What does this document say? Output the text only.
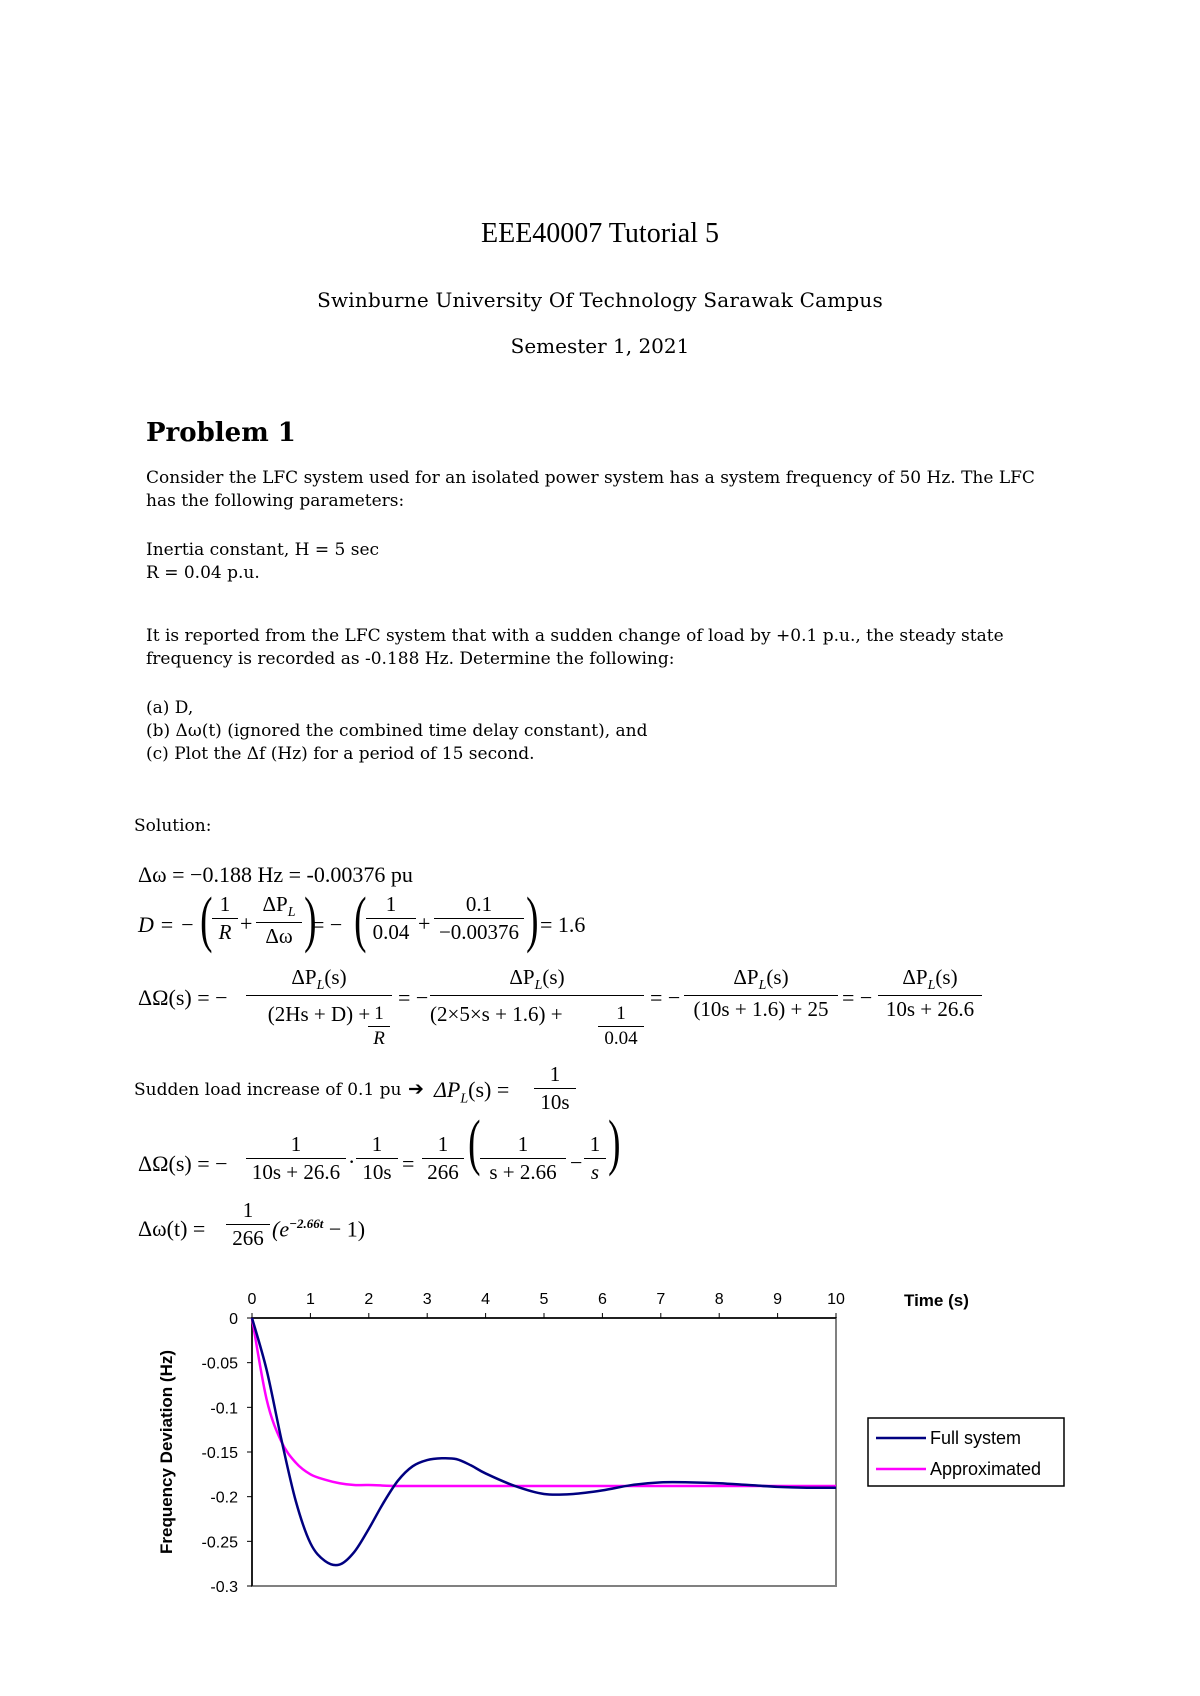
EEE40007 Tutorial 5
Swinburne University Of Technology Sarawak Campus
Semester 1, 2021
Problem 1
Consider the LFC system used for an isolated power system has a system frequency of 50 Hz. The LFC
has the following parameters:
Inertia constant, H = 5 sec
R = 0.04 p.u.
It is reported from the LFC system that with a sudden change of load by +0.1 p.u., the steady state
frequency is recorded as -0.188 Hz. Determine the following:
(a) D,
(b) Δω(t) (ignored the combined time delay constant), and
(c) Plot the Δf (Hz) for a period of 15 second.
Solution:
Δω = −0.188 Hz = -0.00376 pu
D = − ( $\frac{1}{R}$ +
$\Delta P_L$
Δω )
= − ( $\frac{1}{0.04} + \frac{0.1}{-0.00376}$ ) = 1.6
ΔΩ(s) = −
$\Delta P_L(s)$
(2Hs + D) +
$\frac{1}{R}$
= −
$\Delta P_L(s)$
(2×5×s + 1.6) +	$\frac{1}{0.04}$
= −
$\Delta P_L(s)$
(10s + 1.6) + 25 = −
$\Delta P_L(s)$
10s + 26.6
Sudden load increase of 0.1 pu ➔ $\Delta P_L(s) = \frac{1}{10s}$
ΔΩ(s) = − $\frac{1}{10s + 26.6} \cdot \frac{1}{10s} = \frac{1}{266}$ ( $\frac{1}{s + 2.66} - \frac{1}{s}$ )
$\Delta\omega(t) = \frac{1}{266} (e^{-2.66t} - 1)$
0	1	2	3	4	5	6	7	8	9	10
0
-0.05
-0.1
-0.15
-0.2
-0.25
-0.3
Time (s)
Frequency Deviation (Hz)	Full system
Approximated
